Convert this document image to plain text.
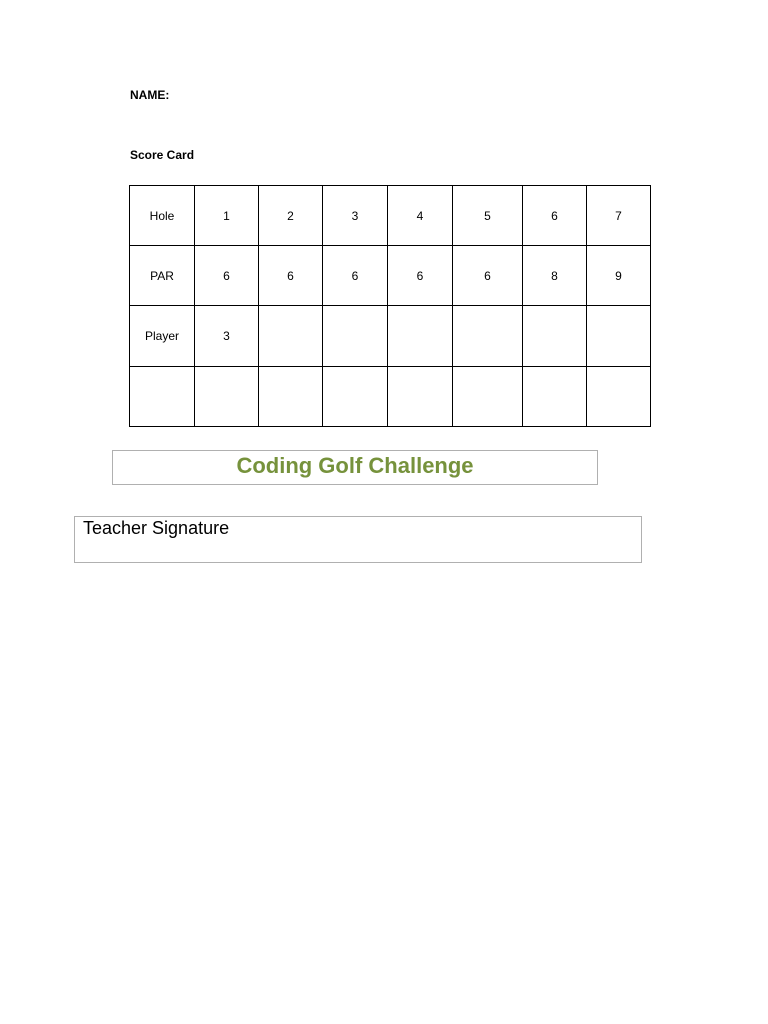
NAME:
Score Card
Hole	1	2	3	4	5	6	7
PAR	6	6	6	6	6	8	9
Player	3						

Coding Golf Challenge
Teacher Signature
